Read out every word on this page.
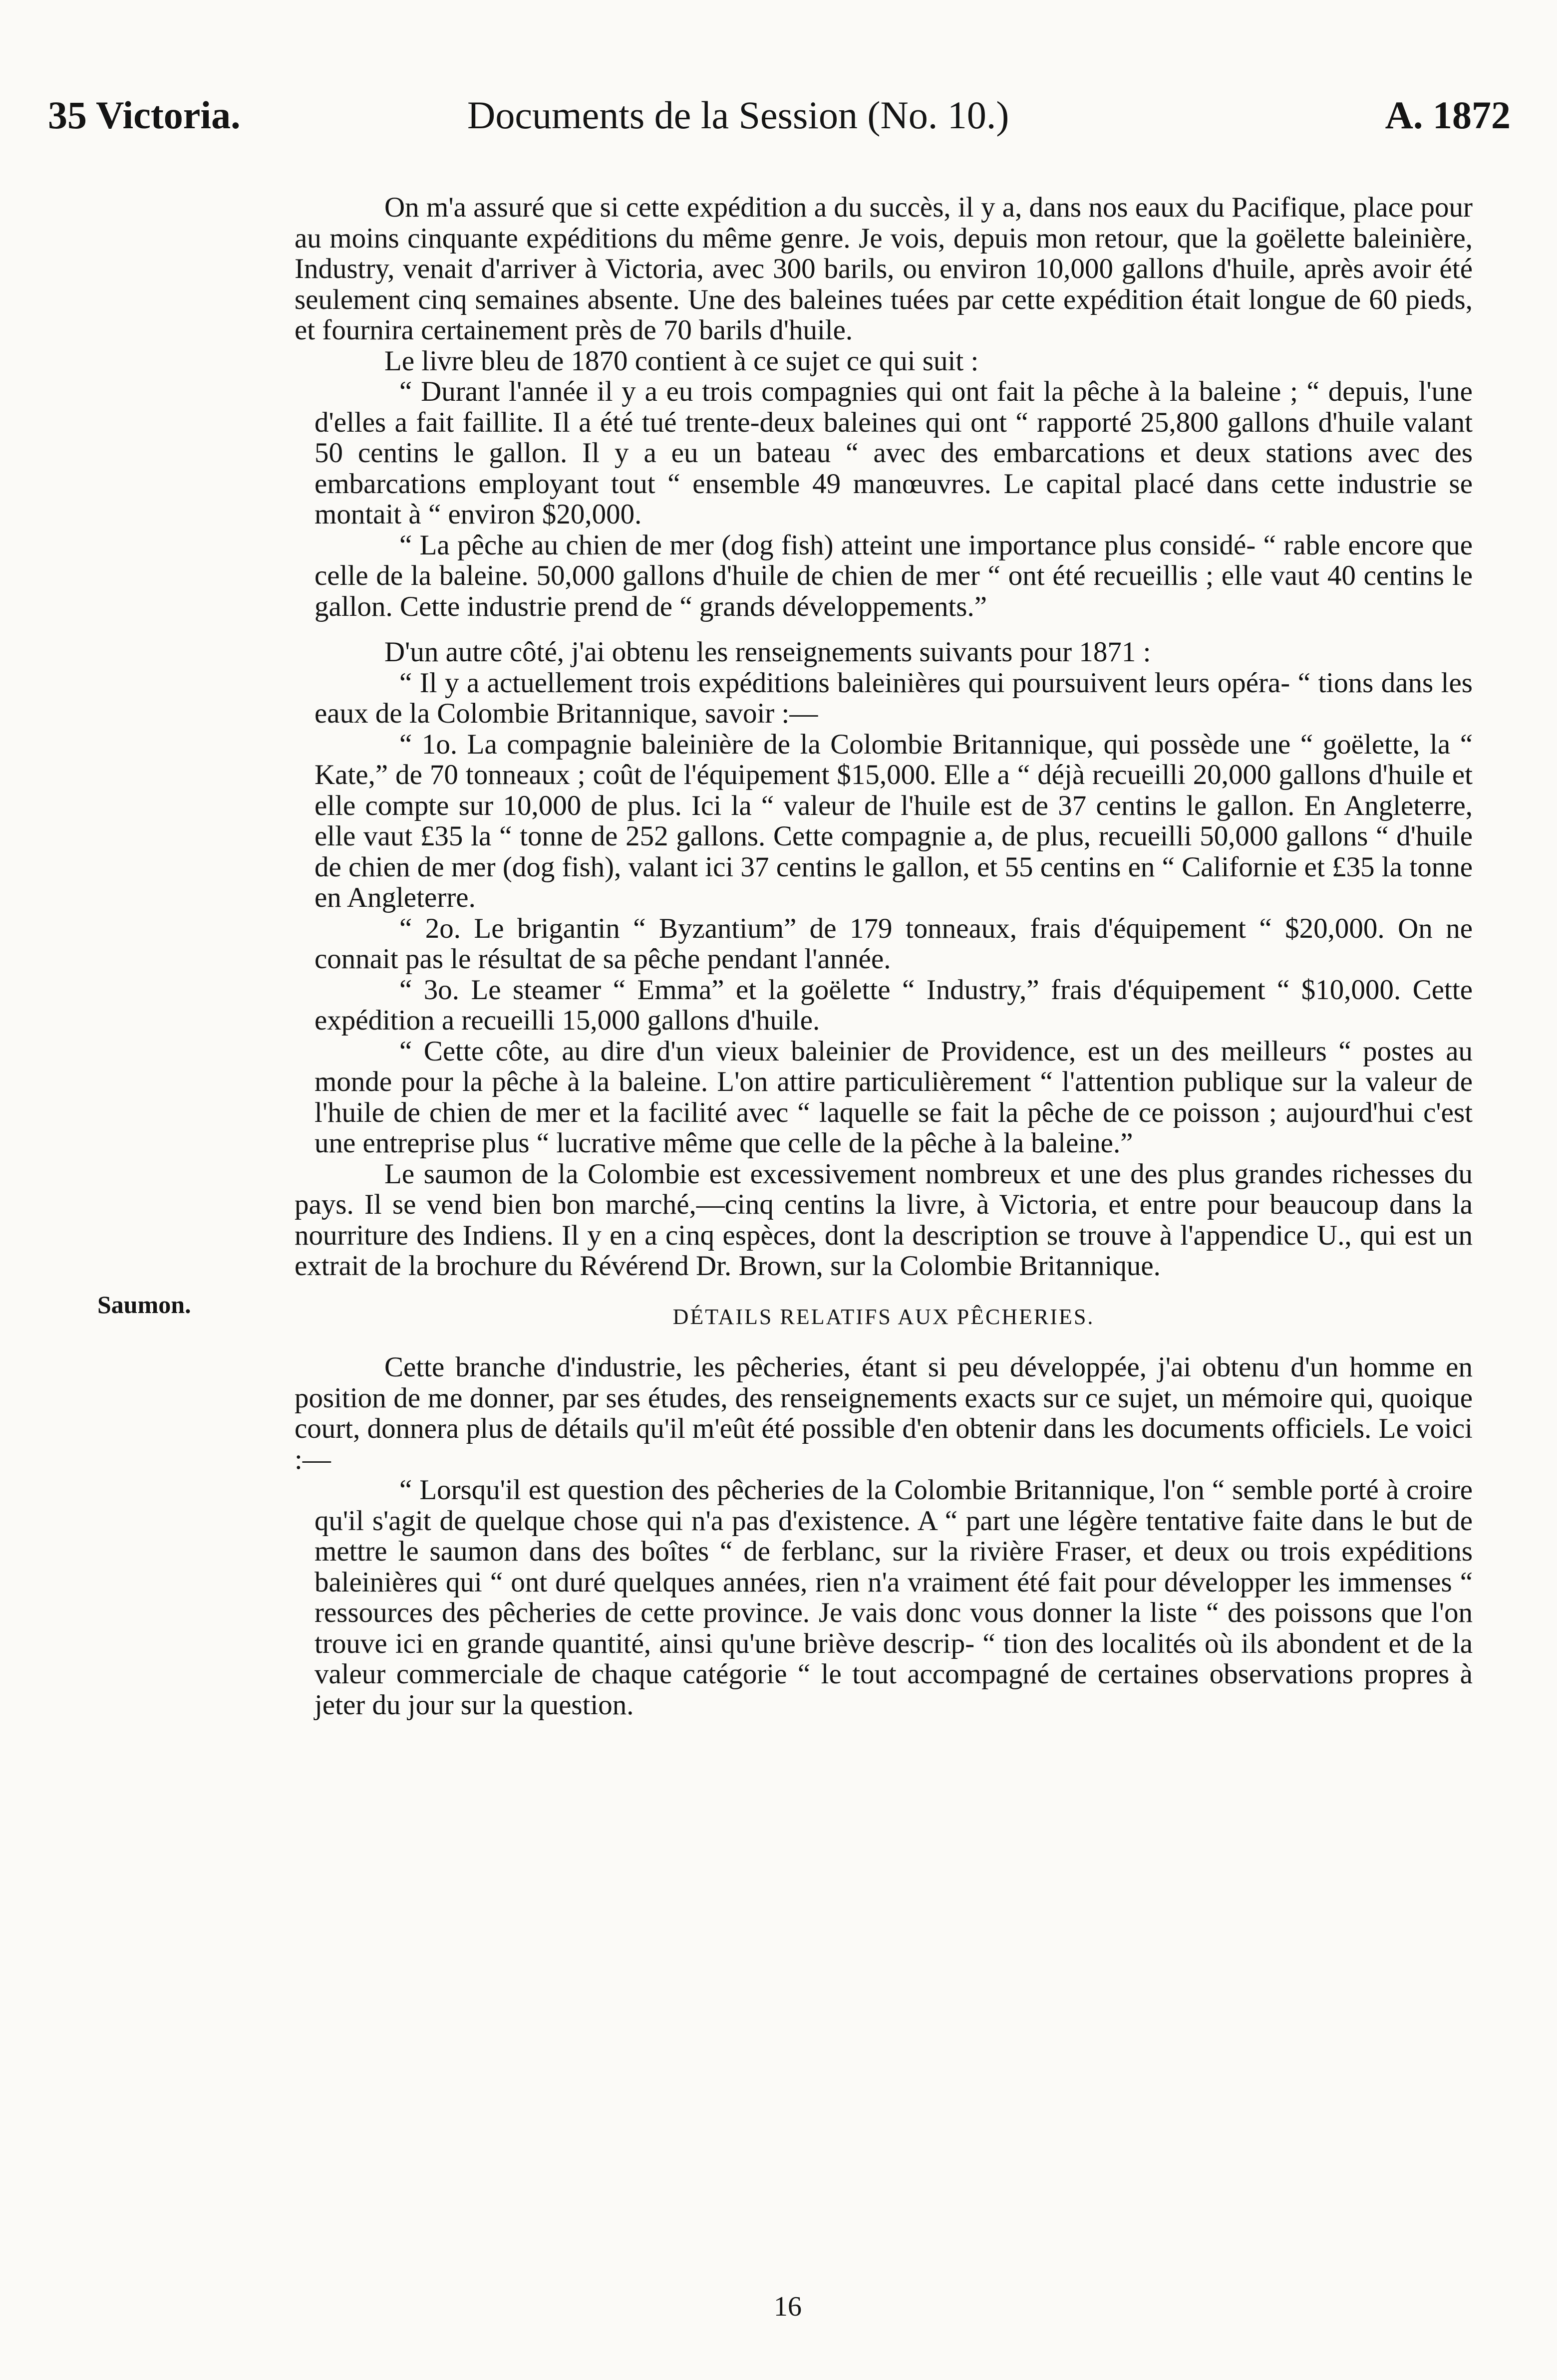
35 Victoria.	Documents de la Session (No. 10.)	A. 1872
Saumon.

On m'a assuré que si cette expédition a du succès, il y a, dans nos eaux du Pacifique, place pour au moins cinquante expéditions du même genre. Je vois, depuis mon retour, que la goëlette baleinière, Industry, venait d'arriver à Victoria, avec 300 barils, ou environ 10,000 gallons d'huile, après avoir été seulement cinq semaines absente. Une des baleines tuées par cette expédition était longue de 60 pieds, et fournira certainement près de 70 barils d'huile.

Le livre bleu de 1870 contient à ce sujet ce qui suit :

“ Durant l'année il y a eu trois compagnies qui ont fait la pêche à la baleine ; “ depuis, l'une d'elles a fait faillite. Il a été tué trente-deux baleines qui ont “ rapporté 25,800 gallons d'huile valant 50 centins le gallon. Il y a eu un bateau “ avec des embarcations et deux stations avec des embarcations employant tout “ ensemble 49 manœuvres. Le capital placé dans cette industrie se montait à “ environ $20,000.

“ La pêche au chien de mer (dog fish) atteint une importance plus considé- “ rable encore que celle de la baleine. 50,000 gallons d'huile de chien de mer “ ont été recueillis ; elle vaut 40 centins le gallon. Cette industrie prend de “ grands développements.”

D'un autre côté, j'ai obtenu les renseignements suivants pour 1871 :

“ Il y a actuellement trois expéditions baleinières qui poursuivent leurs opéra- “ tions dans les eaux de la Colombie Britannique, savoir :—

“ 1o. La compagnie baleinière de la Colombie Britannique, qui possède une “ goëlette, la “ Kate,” de 70 tonneaux ; coût de l'équipement $15,000. Elle a “ déjà recueilli 20,000 gallons d'huile et elle compte sur 10,000 de plus. Ici la “ valeur de l'huile est de 37 centins le gallon. En Angleterre, elle vaut £35 la “ tonne de 252 gallons. Cette compagnie a, de plus, recueilli 50,000 gallons “ d'huile de chien de mer (dog fish), valant ici 37 centins le gallon, et 55 centins en “ Californie et £35 la tonne en Angleterre.

“ 2o. Le brigantin “ Byzantium” de 179 tonneaux, frais d'équipement “ $20,000. On ne connait pas le résultat de sa pêche pendant l'année.

“ 3o. Le steamer “ Emma” et la goëlette “ Industry,” frais d'équipement “ $10,000. Cette expédition a recueilli 15,000 gallons d'huile.

“ Cette côte, au dire d'un vieux baleinier de Providence, est un des meilleurs “ postes au monde pour la pêche à la baleine. L'on attire particulièrement “ l'attention publique sur la valeur de l'huile de chien de mer et la facilité avec “ laquelle se fait la pêche de ce poisson ; aujourd'hui c'est une entreprise plus “ lucrative même que celle de la pêche à la baleine.”

Le saumon de la Colombie est excessivement nombreux et une des plus grandes richesses du pays. Il se vend bien bon marché,—cinq centins la livre, à Victoria, et entre pour beaucoup dans la nourriture des Indiens. Il y en a cinq espèces, dont la description se trouve à l'appendice U., qui est un extrait de la brochure du Révérend Dr. Brown, sur la Colombie Britannique.

DÉTAILS RELATIFS AUX PÊCHERIES.

Cette branche d'industrie, les pêcheries, étant si peu développée, j'ai obtenu d'un homme en position de me donner, par ses études, des renseignements exacts sur ce sujet, un mémoire qui, quoique court, donnera plus de détails qu'il m'eût été possible d'en obtenir dans les documents officiels. Le voici :—

“ Lorsqu'il est question des pêcheries de la Colombie Britannique, l'on “ semble porté à croire qu'il s'agit de quelque chose qui n'a pas d'existence. A “ part une légère tentative faite dans le but de mettre le saumon dans des boîtes “ de ferblanc, sur la rivière Fraser, et deux ou trois expéditions baleinières qui “ ont duré quelques années, rien n'a vraiment été fait pour développer les immenses “ ressources des pêcheries de cette province. Je vais donc vous donner la liste “ des poissons que l'on trouve ici en grande quantité, ainsi qu'une briève descrip- “ tion des localités où ils abondent et de la valeur commerciale de chaque catégorie “ le tout accompagné de certaines observations propres à jeter du jour sur la question.

16
